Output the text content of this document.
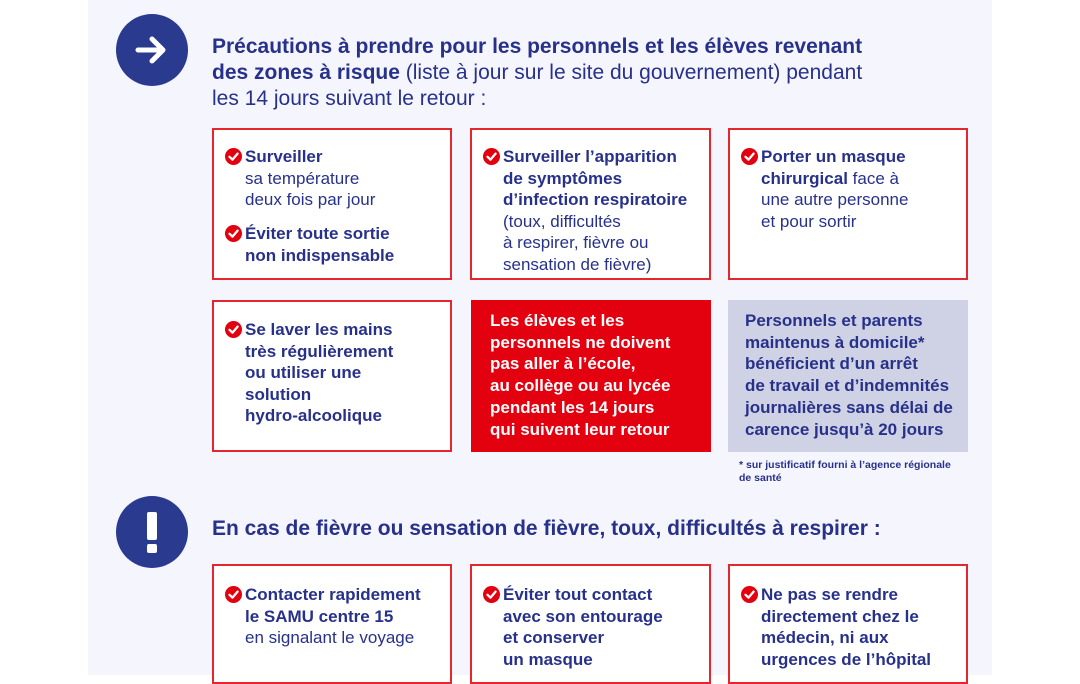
Précautions à prendre pour les personnels et les élèves revenant
des zones à risque (liste à jour sur le site du gouvernement) pendant
les 14 jours suivant le retour :
Surveiller
sa température
deux fois par jour
Éviter toute sortie
non indispensable
Surveiller l’apparition
de symptômes
d’infection respiratoire
(toux, difficultés
à respirer, fièvre ou
sensation de fièvre)
Porter un masque
chirurgical face à
une autre personne
et pour sortir
Se laver les mains
très régulièrement
ou utiliser une
solution
hydro-alcoolique
Les élèves et les
personnels ne doivent
pas aller à l’école,
au collège ou au lycée
pendant les 14 jours
qui suivent leur retour
Personnels et parents
maintenus à domicile*
bénéficient d’un arrêt
de travail et d’indemnités
journalières sans délai de
carence jusqu’à 20 jours
* sur justificatif fourni à l’agence régionale
de santé
En cas de fièvre ou sensation de fièvre, toux, difficultés à respirer :
Contacter rapidement
le SAMU centre 15
en signalant le voyage
Éviter tout contact
avec son entourage
et conserver
un masque
Ne pas se rendre
directement chez le
médecin, ni aux
urgences de l’hôpital
